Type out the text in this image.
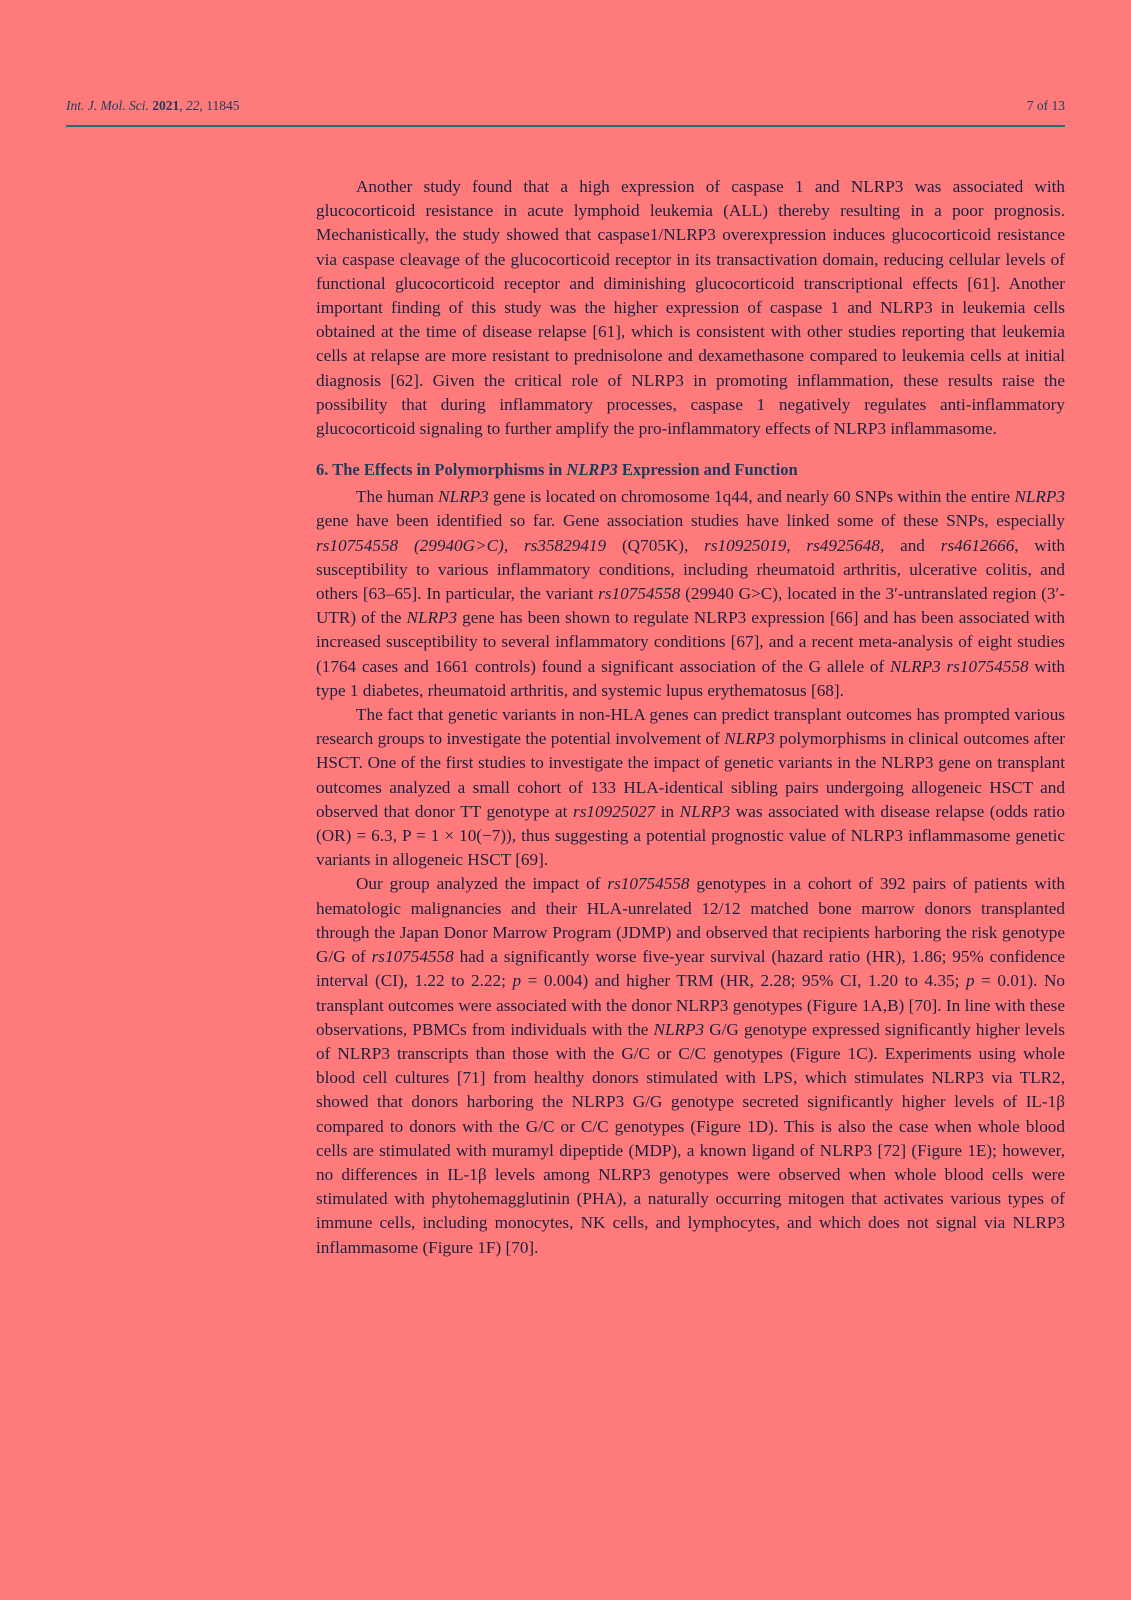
Int. J. Mol. Sci. 2021, 22, 11845	7 of 13

Another study found that a high expression of caspase 1 and NLRP3 was associated with glucocorticoid resistance in acute lymphoid leukemia (ALL) thereby resulting in a poor prognosis. Mechanistically, the study showed that caspase1/NLRP3 overexpression induces glucocorticoid resistance via caspase cleavage of the glucocorticoid receptor in its transactivation domain, reducing cellular levels of functional glucocorticoid receptor and diminishing glucocorticoid transcriptional effects [61]. Another important finding of this study was the higher expression of caspase 1 and NLRP3 in leukemia cells obtained at the time of disease relapse [61], which is consistent with other studies reporting that leukemia cells at relapse are more resistant to prednisolone and dexamethasone compared to leukemia cells at initial diagnosis [62]. Given the critical role of NLRP3 in promoting inflammation, these results raise the possibility that during inflammatory processes, caspase 1 negatively regulates anti-inflammatory glucocorticoid signaling to further amplify the pro-inflammatory effects of NLRP3 inflammasome.

6. The Effects in Polymorphisms in NLRP3 Expression and Function

The human NLRP3 gene is located on chromosome 1q44, and nearly 60 SNPs within the entire NLRP3 gene have been identified so far. Gene association studies have linked some of these SNPs, especially rs10754558 (29940G>C), rs35829419 (Q705K), rs10925019, rs4925648, and rs4612666, with susceptibility to various inflammatory conditions, including rheumatoid arthritis, ulcerative colitis, and others [63–65]. In particular, the variant rs10754558 (29940 G>C), located in the 3′-untranslated region (3′-UTR) of the NLRP3 gene has been shown to regulate NLRP3 expression [66] and has been associated with increased susceptibility to several inflammatory conditions [67], and a recent meta-analysis of eight studies (1764 cases and 1661 controls) found a significant association of the G allele of NLRP3 rs10754558 with type 1 diabetes, rheumatoid arthritis, and systemic lupus erythematosus [68].

The fact that genetic variants in non-HLA genes can predict transplant outcomes has prompted various research groups to investigate the potential involvement of NLRP3 polymorphisms in clinical outcomes after HSCT. One of the first studies to investigate the impact of genetic variants in the NLRP3 gene on transplant outcomes analyzed a small cohort of 133 HLA-identical sibling pairs undergoing allogeneic HSCT and observed that donor TT genotype at rs10925027 in NLRP3 was associated with disease relapse (odds ratio (OR) = 6.3, P = 1 × 10(−7)), thus suggesting a potential prognostic value of NLRP3 inflammasome genetic variants in allogeneic HSCT [69].

Our group analyzed the impact of rs10754558 genotypes in a cohort of 392 pairs of patients with hematologic malignancies and their HLA-unrelated 12/12 matched bone marrow donors transplanted through the Japan Donor Marrow Program (JDMP) and observed that recipients harboring the risk genotype G/G of rs10754558 had a significantly worse five-year survival (hazard ratio (HR), 1.86; 95% confidence interval (CI), 1.22 to 2.22; p = 0.004) and higher TRM (HR, 2.28; 95% CI, 1.20 to 4.35; p = 0.01). No transplant outcomes were associated with the donor NLRP3 genotypes (Figure 1A,B) [70]. In line with these observations, PBMCs from individuals with the NLRP3 G/G genotype expressed significantly higher levels of NLRP3 transcripts than those with the G/C or C/C genotypes (Figure 1C). Experiments using whole blood cell cultures [71] from healthy donors stimulated with LPS, which stimulates NLRP3 via TLR2, showed that donors harboring the NLRP3 G/G genotype secreted significantly higher levels of IL-1β compared to donors with the G/C or C/C genotypes (Figure 1D). This is also the case when whole blood cells are stimulated with muramyl dipeptide (MDP), a known ligand of NLRP3 [72] (Figure 1E); however, no differences in IL-1β levels among NLRP3 genotypes were observed when whole blood cells were stimulated with phytohemagglutinin (PHA), a naturally occurring mitogen that activates various types of immune cells, including monocytes, NK cells, and lymphocytes, and which does not signal via NLRP3 inflammasome (Figure 1F) [70].
